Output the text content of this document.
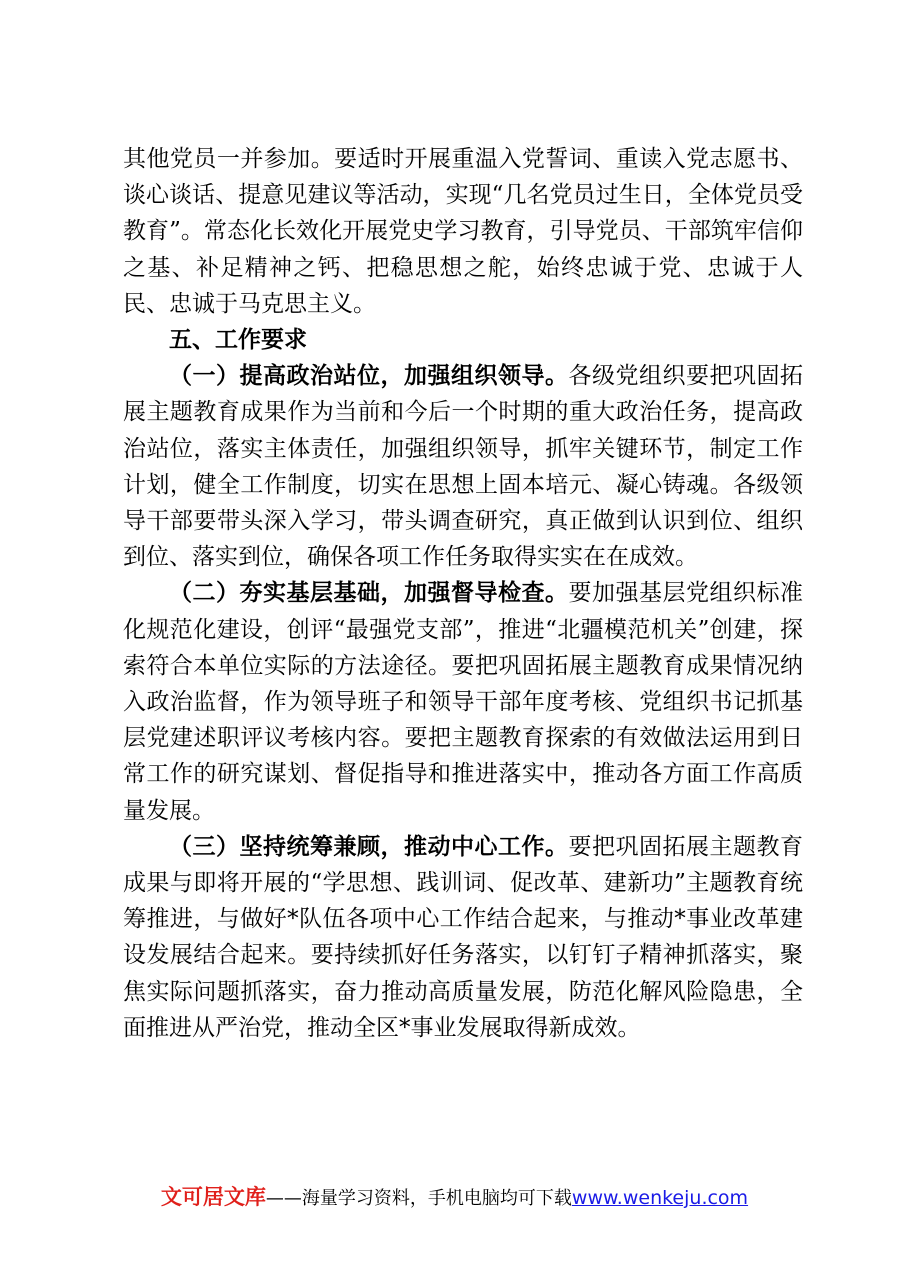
其他党员一并参加。要适时开展重温入党誓词、重读入党志愿书、谈心谈话、提意见建议等活动，实现“几名党员过生日，全体党员受教育”。常态化长效化开展党史学习教育，引导党员、干部筑牢信仰之基、补足精神之钙、把稳思想之舵，始终忠诚于党、忠诚于人民、忠诚于马克思主义。

五、工作要求

（一）提高政治站位，加强组织领导。各级党组织要把巩固拓展主题教育成果作为当前和今后一个时期的重大政治任务，提高政治站位，落实主体责任，加强组织领导，抓牢关键环节，制定工作计划，健全工作制度，切实在思想上固本培元、凝心铸魂。各级领导干部要带头深入学习，带头调查研究，真正做到认识到位、组织到位、落实到位，确保各项工作任务取得实实在在成效。

（二）夯实基层基础，加强督导检查。要加强基层党组织标准化规范化建设，创评“最强党支部”，推进“北疆模范机关”创建，探索符合本单位实际的方法途径。要把巩固拓展主题教育成果情况纳入政治监督，作为领导班子和领导干部年度考核、党组织书记抓基层党建述职评议考核内容。要把主题教育探索的有效做法运用到日常工作的研究谋划、督促指导和推进落实中，推动各方面工作高质量发展。

（三）坚持统筹兼顾，推动中心工作。要把巩固拓展主题教育成果与即将开展的“学思想、践训词、促改革、建新功”主题教育统筹推进，与做好*队伍各项中心工作结合起来，与推动*事业改革建设发展结合起来。要持续抓好任务落实，以钉钉子精神抓落实，聚焦实际问题抓落实，奋力推动高质量发展，防范化解风险隐患，全面推进从严治党，推动全区*事业发展取得新成效。

文可居文库——海量学习资料，手机电脑均可下载www.wenkeju.com
